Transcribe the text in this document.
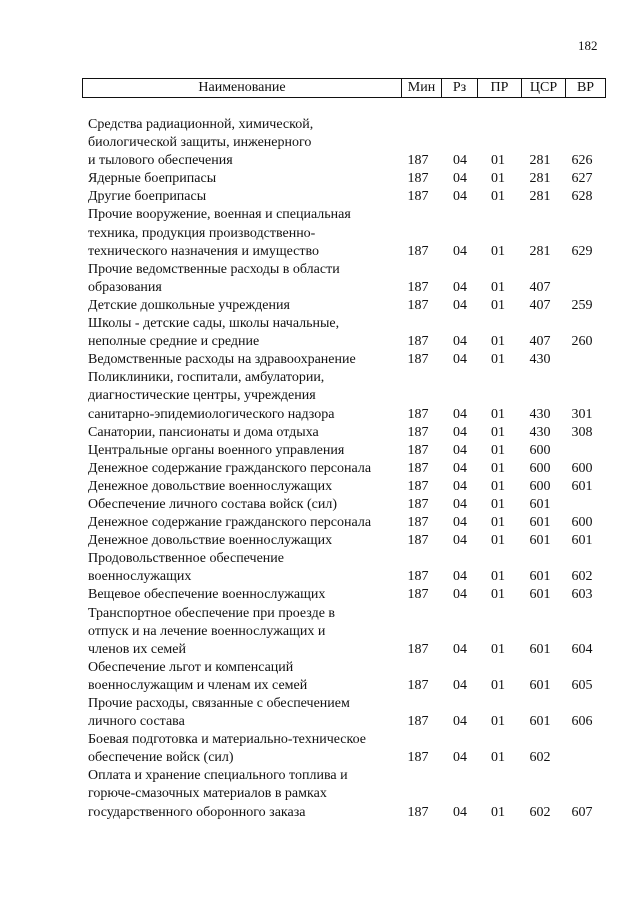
182
Наименование	Мин	Рз	ПР	ЦСР	ВР
Средства радиационной, химической,
биологической защиты, инженерного
и тылового обеспечения	187	04	01	281	626
Ядерные боеприпасы	187	04	01	281	627
Другие боеприпасы	187	04	01	281	628
Прочие вооружение, военная и специальная
техника, продукция производственно-
технического назначения и имущество	187	04	01	281	629
Прочие ведомственные расходы в области
образования	187	04	01	407
Детские дошкольные учреждения	187	04	01	407	259
Школы - детские сады, школы начальные,
неполные средние и средние	187	04	01	407	260
Ведомственные расходы на здравоохранение	187	04	01	430
Поликлиники, госпитали, амбулатории,
диагностические центры, учреждения
санитарно-эпидемиологического надзора	187	04	01	430	301
Санатории, пансионаты и дома отдыха	187	04	01	430	308
Центральные органы военного управления	187	04	01	600
Денежное содержание гражданского персонала	187	04	01	600	600
Денежное довольствие военнослужащих	187	04	01	600	601
Обеспечение личного состава войск (сил)	187	04	01	601
Денежное содержание гражданского персонала	187	04	01	601	600
Денежное довольствие военнослужащих	187	04	01	601	601
Продовольственное обеспечение
военнослужащих	187	04	01	601	602
Вещевое обеспечение военнослужащих	187	04	01	601	603
Транспортное обеспечение при проезде в
отпуск и на лечение военнослужащих и
членов их семей	187	04	01	601	604
Обеспечение льгот и компенсаций
военнослужащим и членам их семей	187	04	01	601	605
Прочие расходы, связанные с обеспечением
личного состава	187	04	01	601	606
Боевая подготовка и материально-техническое
обеспечение войск (сил)	187	04	01	602
Оплата и хранение специального топлива и
горюче-смазочных материалов в рамках
государственного оборонного заказа	187	04	01	602	607
